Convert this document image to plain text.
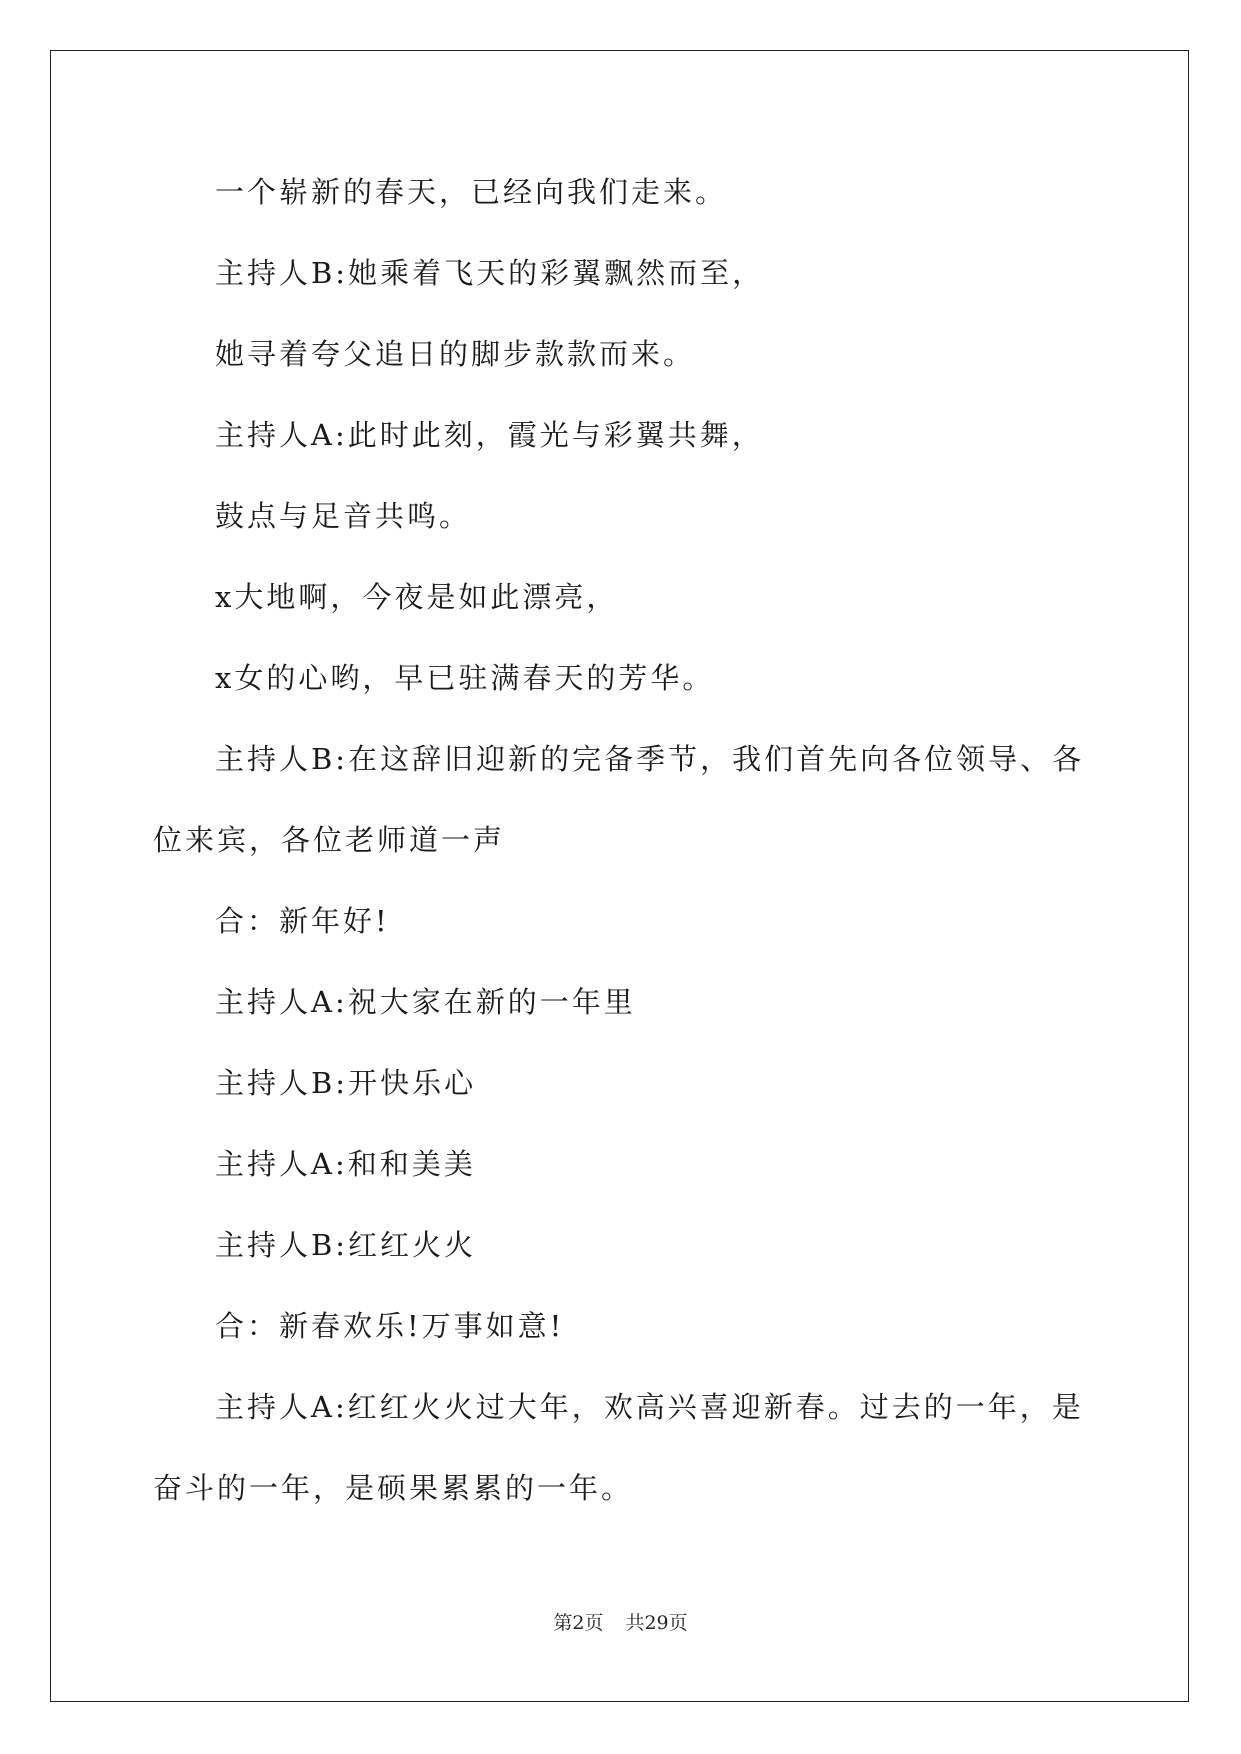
一个崭新的春天，已经向我们走来。

主持人B:她乘着飞天的彩翼飘然而至，

她寻着夸父追日的脚步款款而来。

主持人A:此时此刻，霞光与彩翼共舞，

鼓点与足音共鸣。

x大地啊，今夜是如此漂亮，

x女的心哟，早已驻满春天的芳华。

主持人B:在这辞旧迎新的完备季节，我们首先向各位领导、各位来宾，各位老师道一声

合：新年好!

主持人A:祝大家在新的一年里

主持人B:开快乐心

主持人A:和和美美

主持人B:红红火火

合：新春欢乐!万事如意!

主持人A:红红火火过大年，欢高兴喜迎新春。过去的一年，是奋斗的一年，是硕果累累的一年。

第2页 共29页
